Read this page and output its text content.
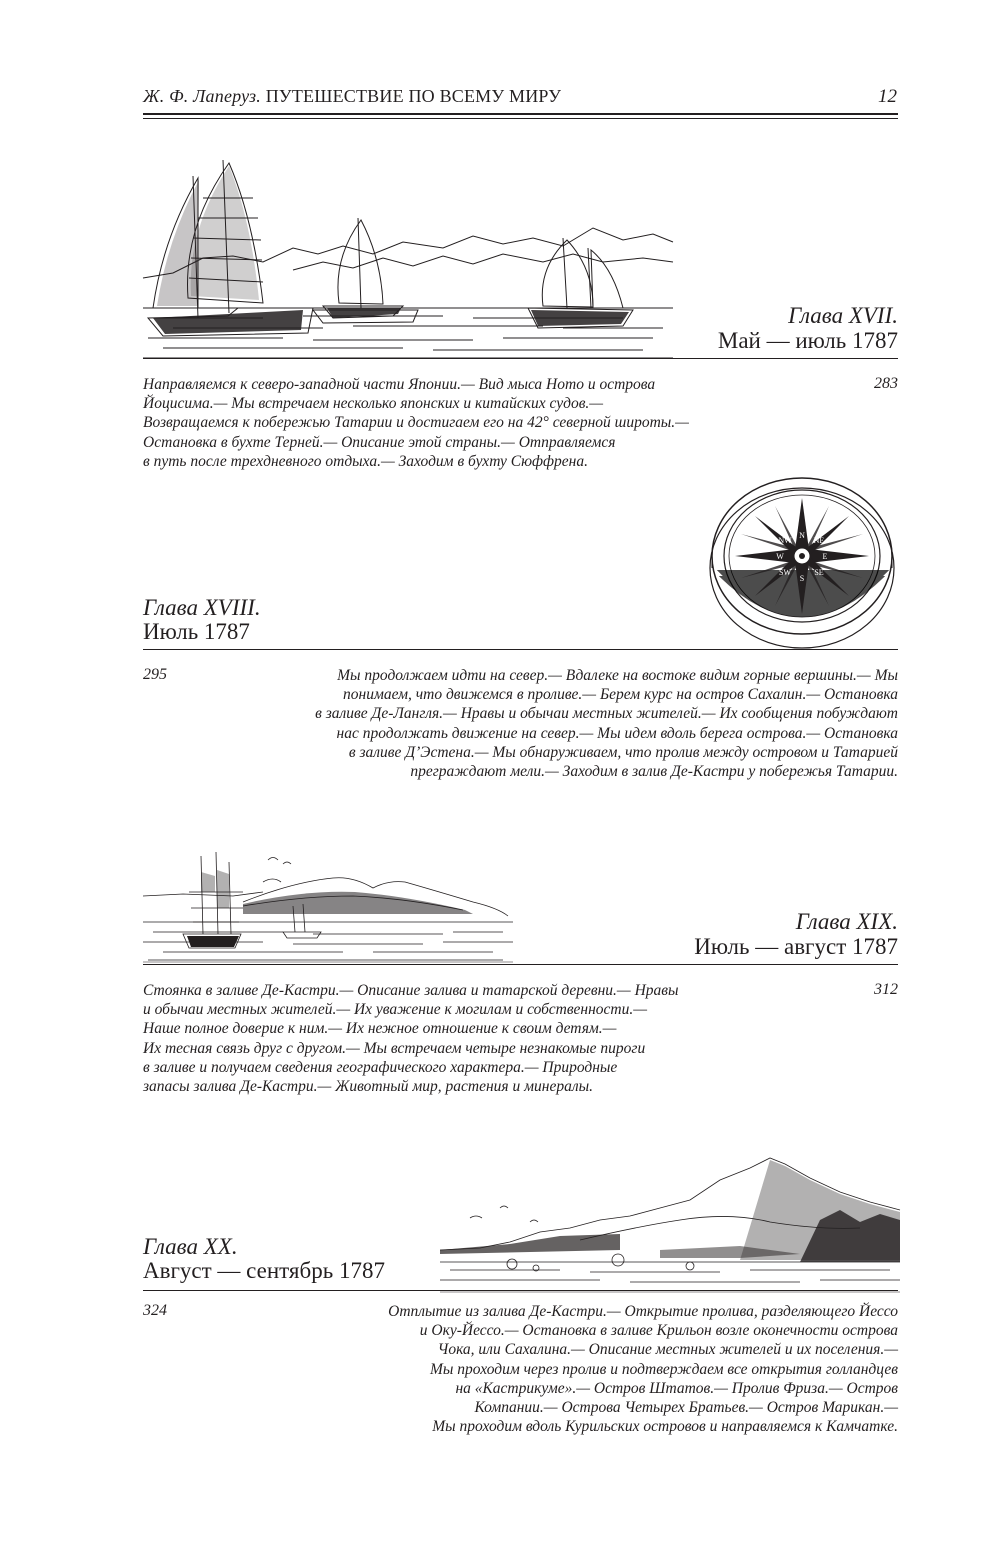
Ж. Ф. Лаперуз. ПУТЕШЕСТВИЕ ПО ВСЕМУ МИРУ	12
Глава XVII.
Май — июль 1787
Направляемся к северо-западной части Японии.— Вид мыса Ното и острова
Йоцисима.— Мы встречаем несколько японских и китайских судов.—
Возвращаемся к побережью Татарии и достигаем его на 42° северной широты.—
Остановка в бухте Терней.— Описание этой страны.— Отправляемся
в путь после трехдневного отдыха.— Заходим в бухту Сюффрена.
283
N
NE
E
SE
S
SW
W
NW
Глава XVIII.
Июль 1787
295	Мы продолжаем идти на север.— Вдалеке на востоке видим горные вершины.— Мы
понимаем, что движемся в проливе.— Берем курс на остров Сахалин.— Остановка
в заливе Де-Лангля.— Нравы и обычаи местных жителей.— Их сообщения побуждают
нас продолжать движение на север.— Мы идем вдоль берега острова.— Остановка
в заливе Д’Эстена.— Мы обнаруживаем, что пролив между островом и Татарией
преграждают мели.— Заходим в залив Де-Кастри у побережья Татарии.
Глава XIX.
Июль — август 1787
Стоянка в заливе Де-Кастри.— Описание залива и татарской деревни.— Нравы
и обычаи местных жителей.— Их уважение к могилам и собственности.—
Наше полное доверие к ним.— Их нежное отношение к своим детям.—
Их тесная связь друг с другом.— Мы встречаем четыре незнакомые пироги
в заливе и получаем сведения географического характера.— Природные
запасы залива Де-Кастри.— Животный мир, растения и минералы.
312
Глава XX.
Август — сентябрь 1787
324	Отплытие из залива Де-Кастри.— Открытие пролива, разделяющего Йессо
и Оку-Йессо.— Остановка в заливе Крильон возле оконечности острова
Чока, или Сахалина.— Описание местных жителей и их поселения.—
Мы проходим через пролив и подтверждаем все открытия голландцев
на «Кастрикуме».— Остров Штатов.— Пролив Фриза.— Остров
Компании.— Острова Четырех Братьев.— Остров Марикан.—
Мы проходим вдоль Курильских островов и направляемся к Камчатке.
